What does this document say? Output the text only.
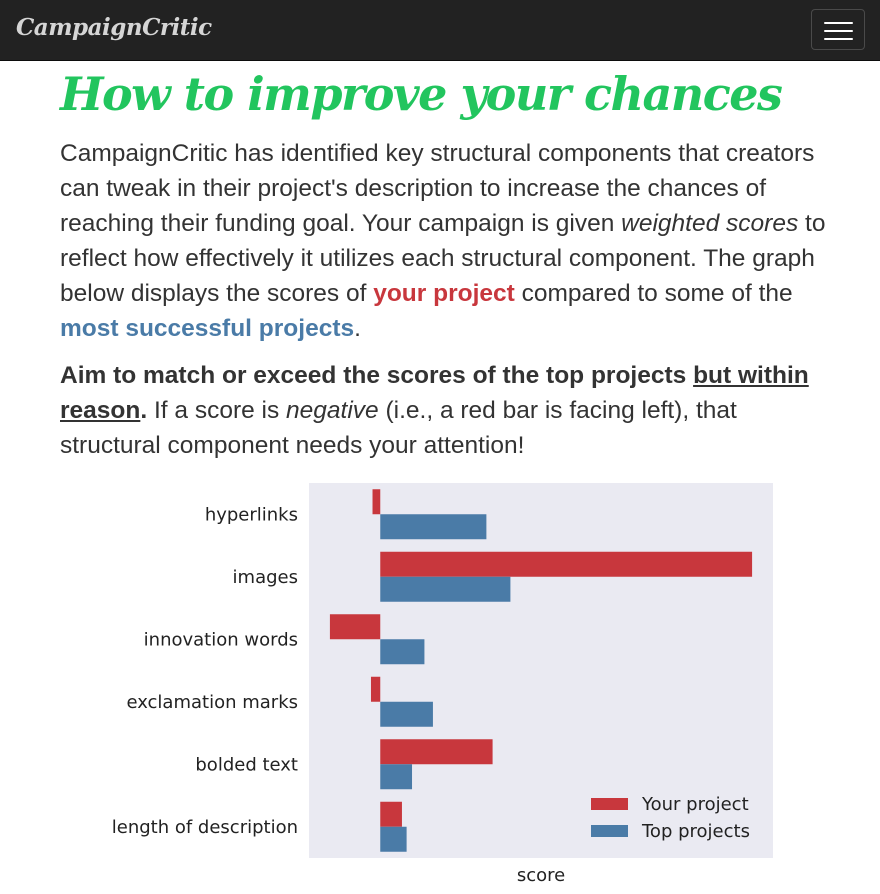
CampaignCritic
How to improve your chances

CampaignCritic has identified key structural components that creators can tweak in their project's description to increase the chances of reaching their funding goal. Your campaign is given weighted scores to reflect how effectively it utilizes each structural component. The graph below displays the scores of your project compared to some of the most successful projects.

Aim to match or exceed the scores of the top projects but within reason. If a score is negative (i.e., a red bar is facing left), that structural component needs your attention!

hyperlinks
images
innovation words
exclamation marks
bolded text
length of description
score
Your project
Top projects
